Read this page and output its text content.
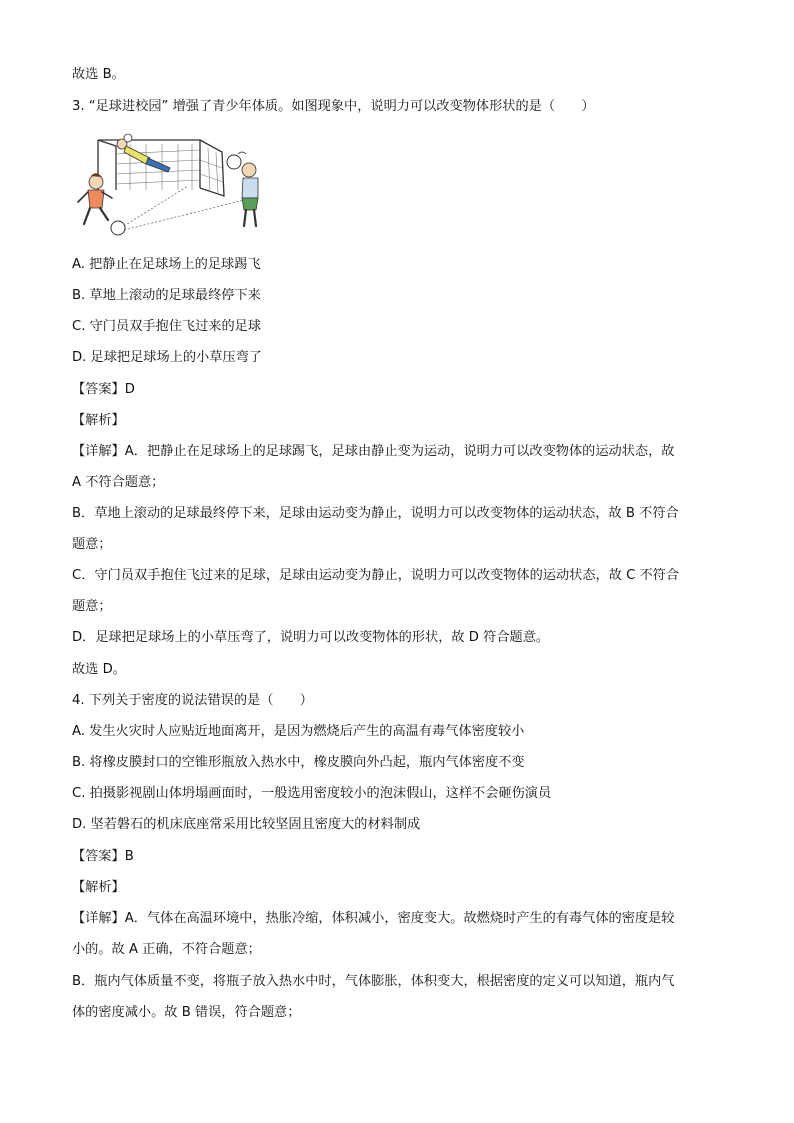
故选 B。
3. “足球进校园” 增强了青少年体质。如图现象中，说明力可以改变物体形状的是（　　）
A. 把静止在足球场上的足球踢飞
B. 草地上滚动的足球最终停下来
C. 守门员双手抱住飞过来的足球
D. 足球把足球场上的小草压弯了
【答案】D
【解析】
【详解】A．把静止在足球场上的足球踢飞，足球由静止变为运动，说明力可以改变物体的运动状态，故
A 不符合题意；
B．草地上滚动的足球最终停下来，足球由运动变为静止，说明力可以改变物体的运动状态，故 B 不符合
题意；
C．守门员双手抱住飞过来的足球，足球由运动变为静止，说明力可以改变物体的运动状态，故 C 不符合
题意；
D．足球把足球场上的小草压弯了，说明力可以改变物体的形状，故 D 符合题意。
故选 D。
4. 下列关于密度的说法错误的是（　　）
A. 发生火灾时人应贴近地面离开，是因为燃烧后产生的高温有毒气体密度较小
B. 将橡皮膜封口的空锥形瓶放入热水中，橡皮膜向外凸起，瓶内气体密度不变
C. 拍摄影视剧山体坍塌画面时，一般选用密度较小的泡沫假山，这样不会砸伤演员
D. 坚若磐石的机床底座常采用比较坚固且密度大的材料制成
【答案】B
【解析】
【详解】A．气体在高温环境中，热胀冷缩，体积减小，密度变大。故燃烧时产生的有毒气体的密度是较
小的。故 A 正确，不符合题意；
B．瓶内气体质量不变，将瓶子放入热水中时，气体膨胀，体积变大，根据密度的定义可以知道，瓶内气
体的密度减小。故 B 错误，符合题意；
